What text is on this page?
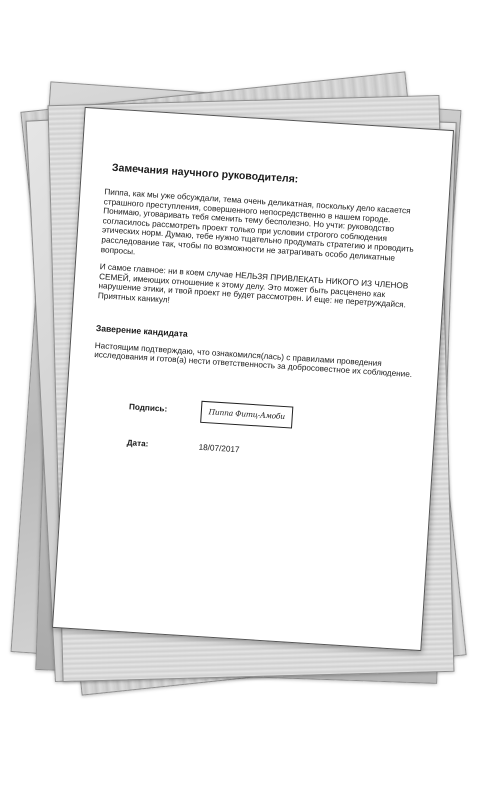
Замечания научного руководителя:

Пиппа, как мы уже обсуждали, тема очень деликатная, поскольку дело касается страшного преступления, совершенного непосредственно в нашем городе. Понимаю, уговаривать тебя сменить тему бесполезно. Но учти: руководство согласилось рассмотреть проект только при условии строгого соблюдения этических норм. Думаю, тебе нужно тщательно продумать стратегию и проводить расследование так, чтобы по возможности не затрагивать особо деликатные вопросы.

И самое главное: ни в коем случае НЕЛЬЗЯ ПРИВЛЕКАТЬ НИКОГО ИЗ ЧЛЕНОВ СЕМЕЙ, имеющих отношение к этому делу. Это может быть расценено как нарушение этики, и твой проект не будет рассмотрен. И еще: не перетруждайся. Приятных каникул!

Заверение кандидата

Настоящим подтверждаю, что ознакомился(лась) с правилами проведения исследования и готов(а) нести ответственность за добросовестное их соблюдение.

Подпись:	Пиппа Фитц-Амоби
Дата:	18/07/2017
